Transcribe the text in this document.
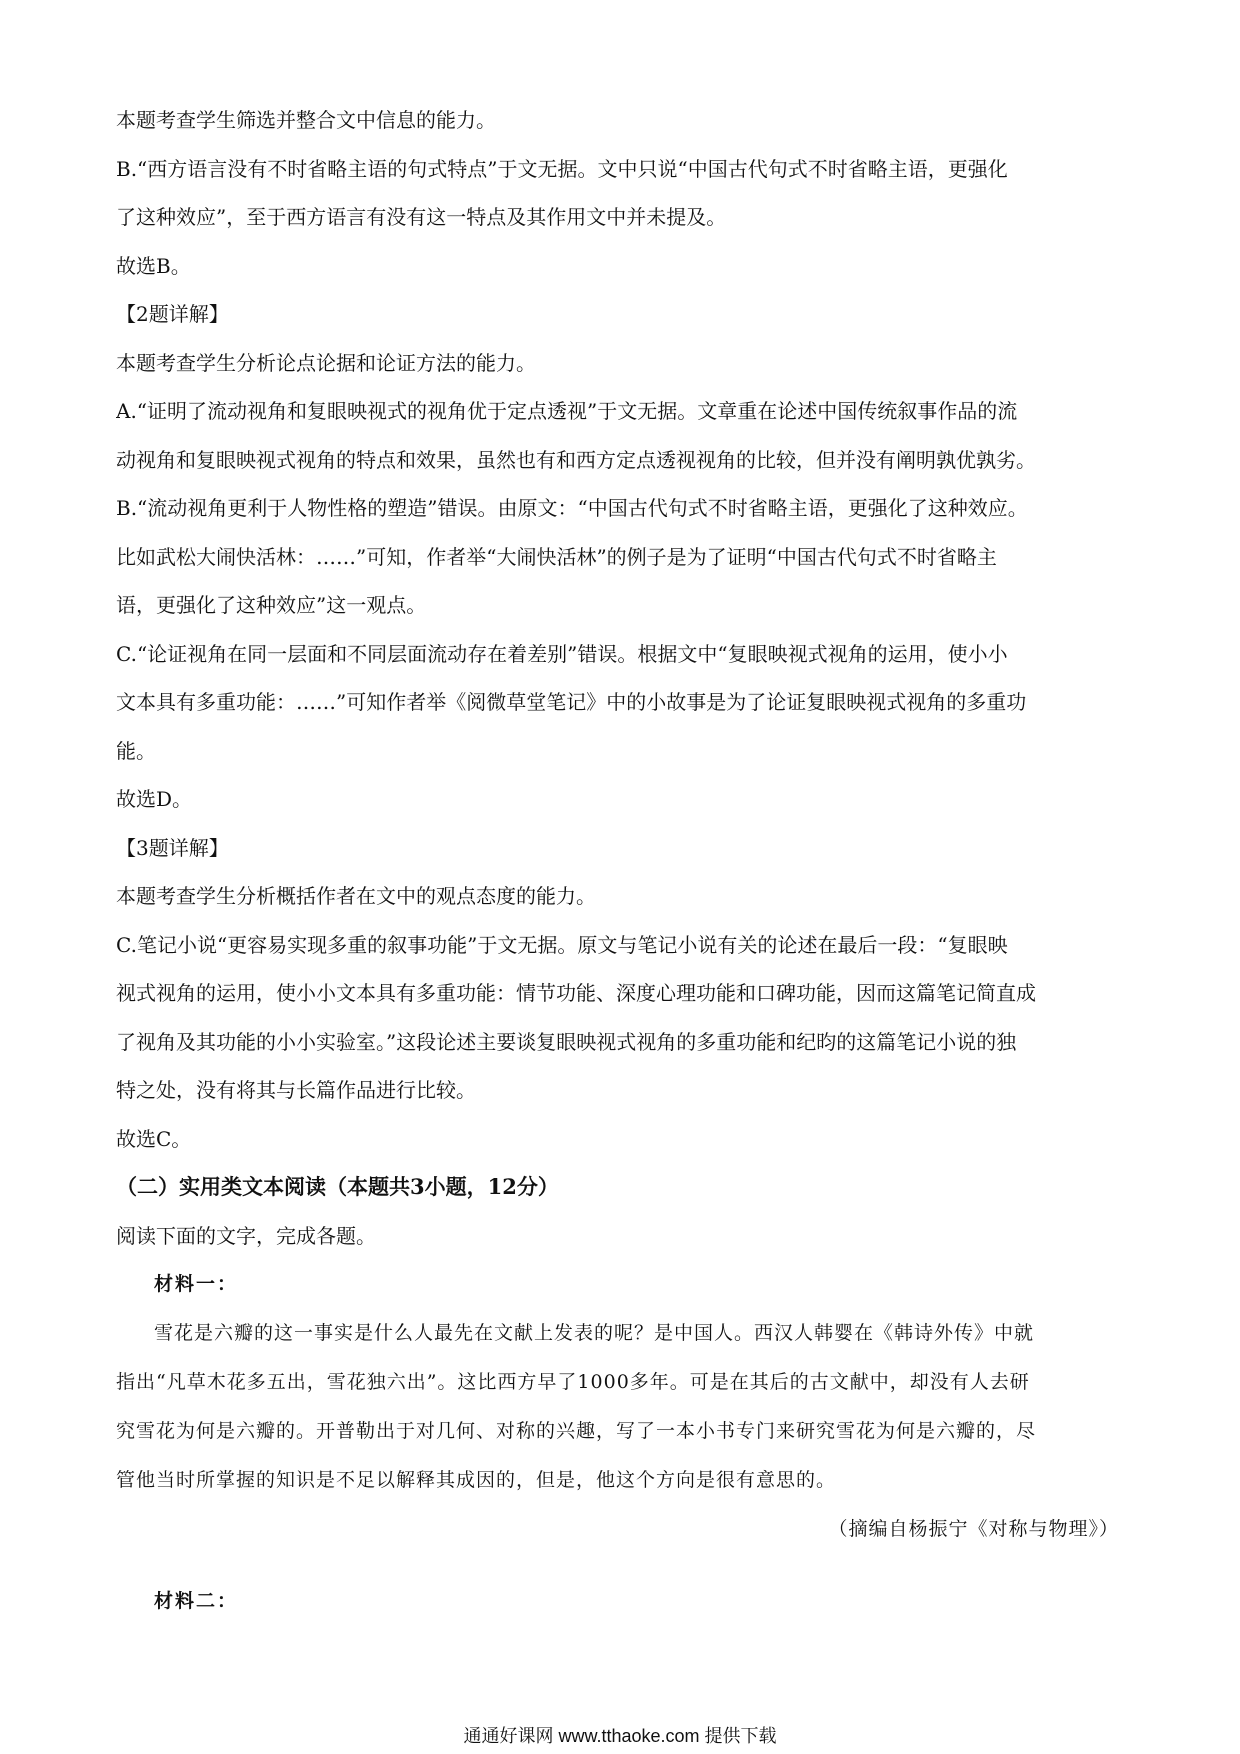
本题考查学生筛选并整合文中信息的能力。
B.“西方语言没有不时省略主语的句式特点”于文无据。文中只说“中国古代句式不时省略主语，更强化
了这种效应”，至于西方语言有没有这一特点及其作用文中并未提及。
故选B。
【2题详解】
本题考查学生分析论点论据和论证方法的能力。
A.“证明了流动视角和复眼映视式的视角优于定点透视”于文无据。文章重在论述中国传统叙事作品的流
动视角和复眼映视式视角的特点和效果，虽然也有和西方定点透视视角的比较，但并没有阐明孰优孰劣。
B.“流动视角更利于人物性格的塑造”错误。由原文：“中国古代句式不时省略主语，更强化了这种效应。
比如武松大闹快活林：……”可知，作者举“大闹快活林”的例子是为了证明“中国古代句式不时省略主
语，更强化了这种效应”这一观点。
C.“论证视角在同一层面和不同层面流动存在着差别”错误。根据文中“复眼映视式视角的运用，使小小
文本具有多重功能：……”可知作者举《阅微草堂笔记》中的小故事是为了论证复眼映视式视角的多重功
能。
故选D。
【3题详解】
本题考查学生分析概括作者在文中的观点态度的能力。
C.笔记小说“更容易实现多重的叙事功能”于文无据。原文与笔记小说有关的论述在最后一段：“复眼映
视式视角的运用，使小小文本具有多重功能：情节功能、深度心理功能和口碑功能，因而这篇笔记简直成
了视角及其功能的小小实验室。”这段论述主要谈复眼映视式视角的多重功能和纪昀的这篇笔记小说的独
特之处，没有将其与长篇作品进行比较。
故选C。
（二）实用类文本阅读（本题共3小题，12分）
阅读下面的文字，完成各题。
材料一：
雪花是六瓣的这一事实是什么人最先在文献上发表的呢？是中国人。西汉人韩婴在《韩诗外传》中就
指出“凡草木花多五出，雪花独六出”。这比西方早了1000多年。可是在其后的古文献中，却没有人去研
究雪花为何是六瓣的。开普勒出于对几何、对称的兴趣，写了一本小书专门来研究雪花为何是六瓣的，尽
管他当时所掌握的知识是不足以解释其成因的，但是，他这个方向是很有意思的。
（摘编自杨振宁《对称与物理》）
材料二：
通通好课网 www.tthaoke.com 提供下载
